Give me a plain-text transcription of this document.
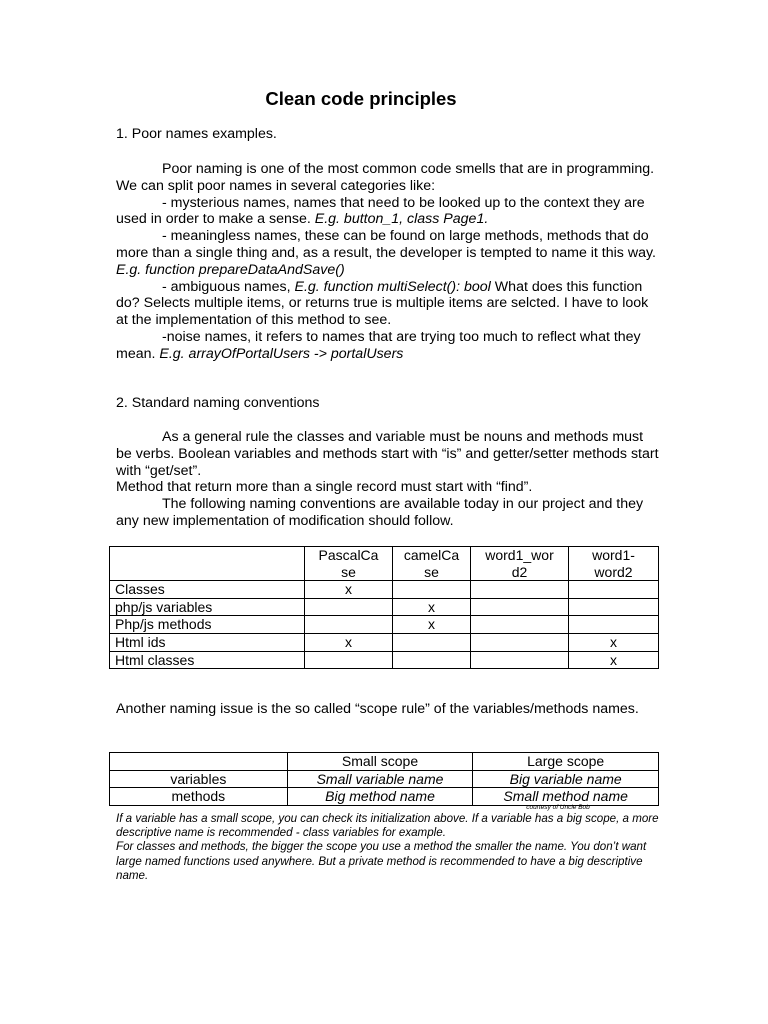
Clean code principles
1. Poor names examples.

Poor naming is one of the most common code smells that are in programming. We can split poor names in several categories like:

- mysterious names, names that need to be looked up to the context they are used in order to make a sense. E.g. button_1, class Page1.

- meaningless names, these can be found on large methods, methods that do more than a single thing and, as a result, the developer is tempted to name it this way. E.g. function prepareDataAndSave()

- ambiguous names, E.g. function multiSelect(): bool What does this function do? Selects multiple items, or returns true is multiple items are selcted. I have to look at the implementation of this method to see.

-noise names, it refers to names that are trying too much to reflect what they mean. E.g. arrayOfPortalUsers -> portalUsers

2. Standard naming conventions

As a general rule the classes and variable must be nouns and methods must be verbs. Boolean variables and methods start with “is” and getter/setter methods start with “get/set”.

Method that return more than a single record must start with “find”.

The following naming conventions are available today in our project and they any new implementation of modification should follow.

	PascalCa se	camelCa se	word1_wor d2	word1- word2
Classes	x			
php/js variables		x		
Php/js methods		x		
Html ids	x			x
Html classes				x
Another naming issue is the so called “scope rule” of the variables/methods names.
	Small scope	Large scope
variables	Small variable name	Big variable name
methods	Big method name	Small method name
courtesy of Uncle Bob

If a variable has a small scope, you can check its initialization above. If a variable has a big scope, a more descriptive name is recommended - class variables for example.

For classes and methods, the bigger the scope you use a method the smaller the name. You don’t want large named functions used anywhere. But a private method is recommended to have a big descriptive name.
